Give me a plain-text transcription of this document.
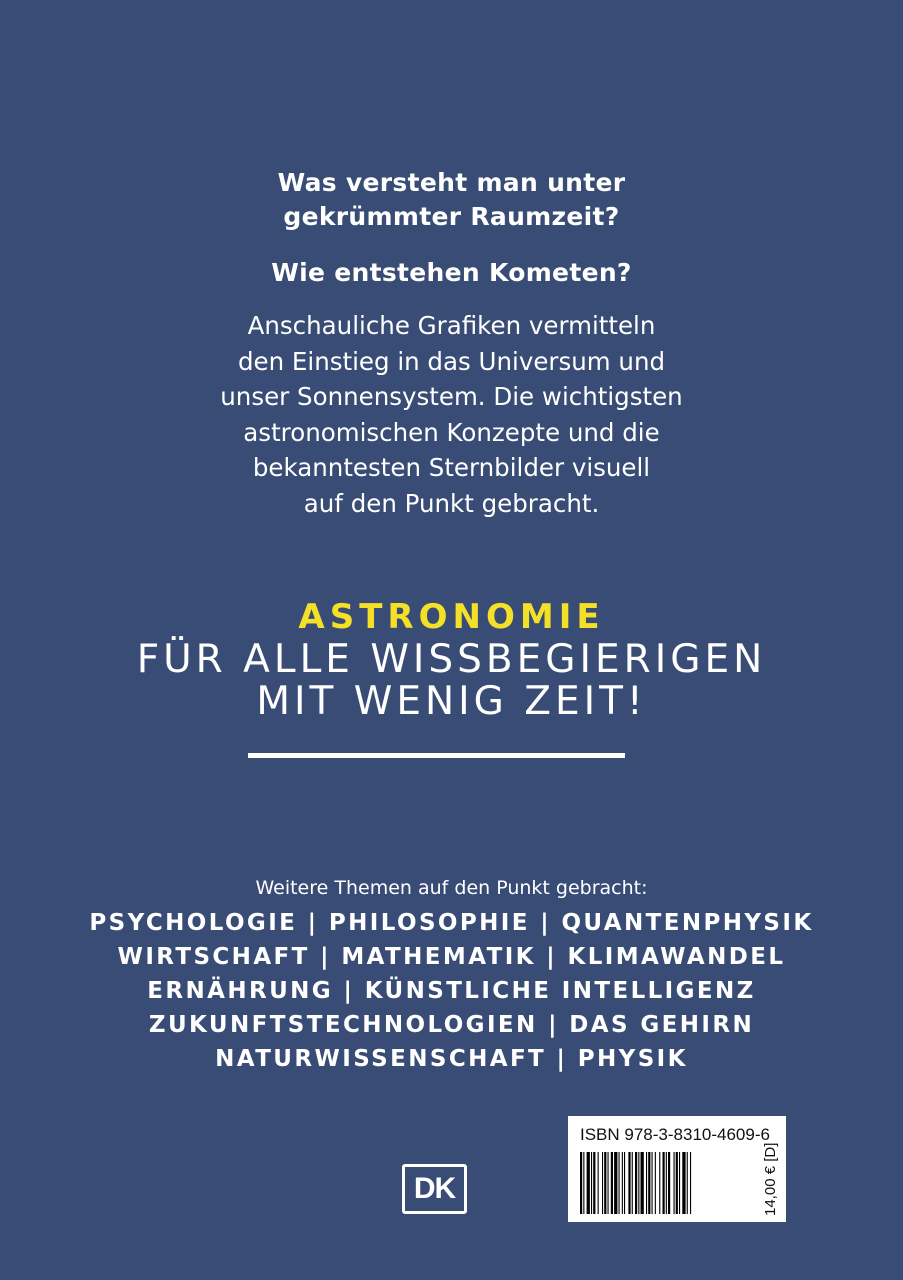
Was versteht man unter
gekrümmter Raumzeit?
Wie entstehen Kometen?

Anschauliche Grafiken vermitteln
den Einstieg in das Universum und
unser Sonnensystem. Die wichtigsten
astronomischen Konzepte und die
bekanntesten Sternbilder visuell
auf den Punkt gebracht.

ASTRONOMIE
FÜR ALLE WISSBEGIERIGEN
MIT WENIG ZEIT!
Weitere Themen auf den Punkt gebracht:
PSYCHOLOGIE | PHILOSOPHIE | QUANTENPHYSIK
WIRTSCHAFT | MATHEMATIK | KLIMAWANDEL
ERNÄHRUNG | KÜNSTLICHE INTELLIGENZ
ZUKUNFTSTECHNOLOGIEN | DAS GEHIRN
NATURWISSENSCHAFT | PHYSIK
DK
ISBN 978-3-8310-4609-6
14,00 € [D]
